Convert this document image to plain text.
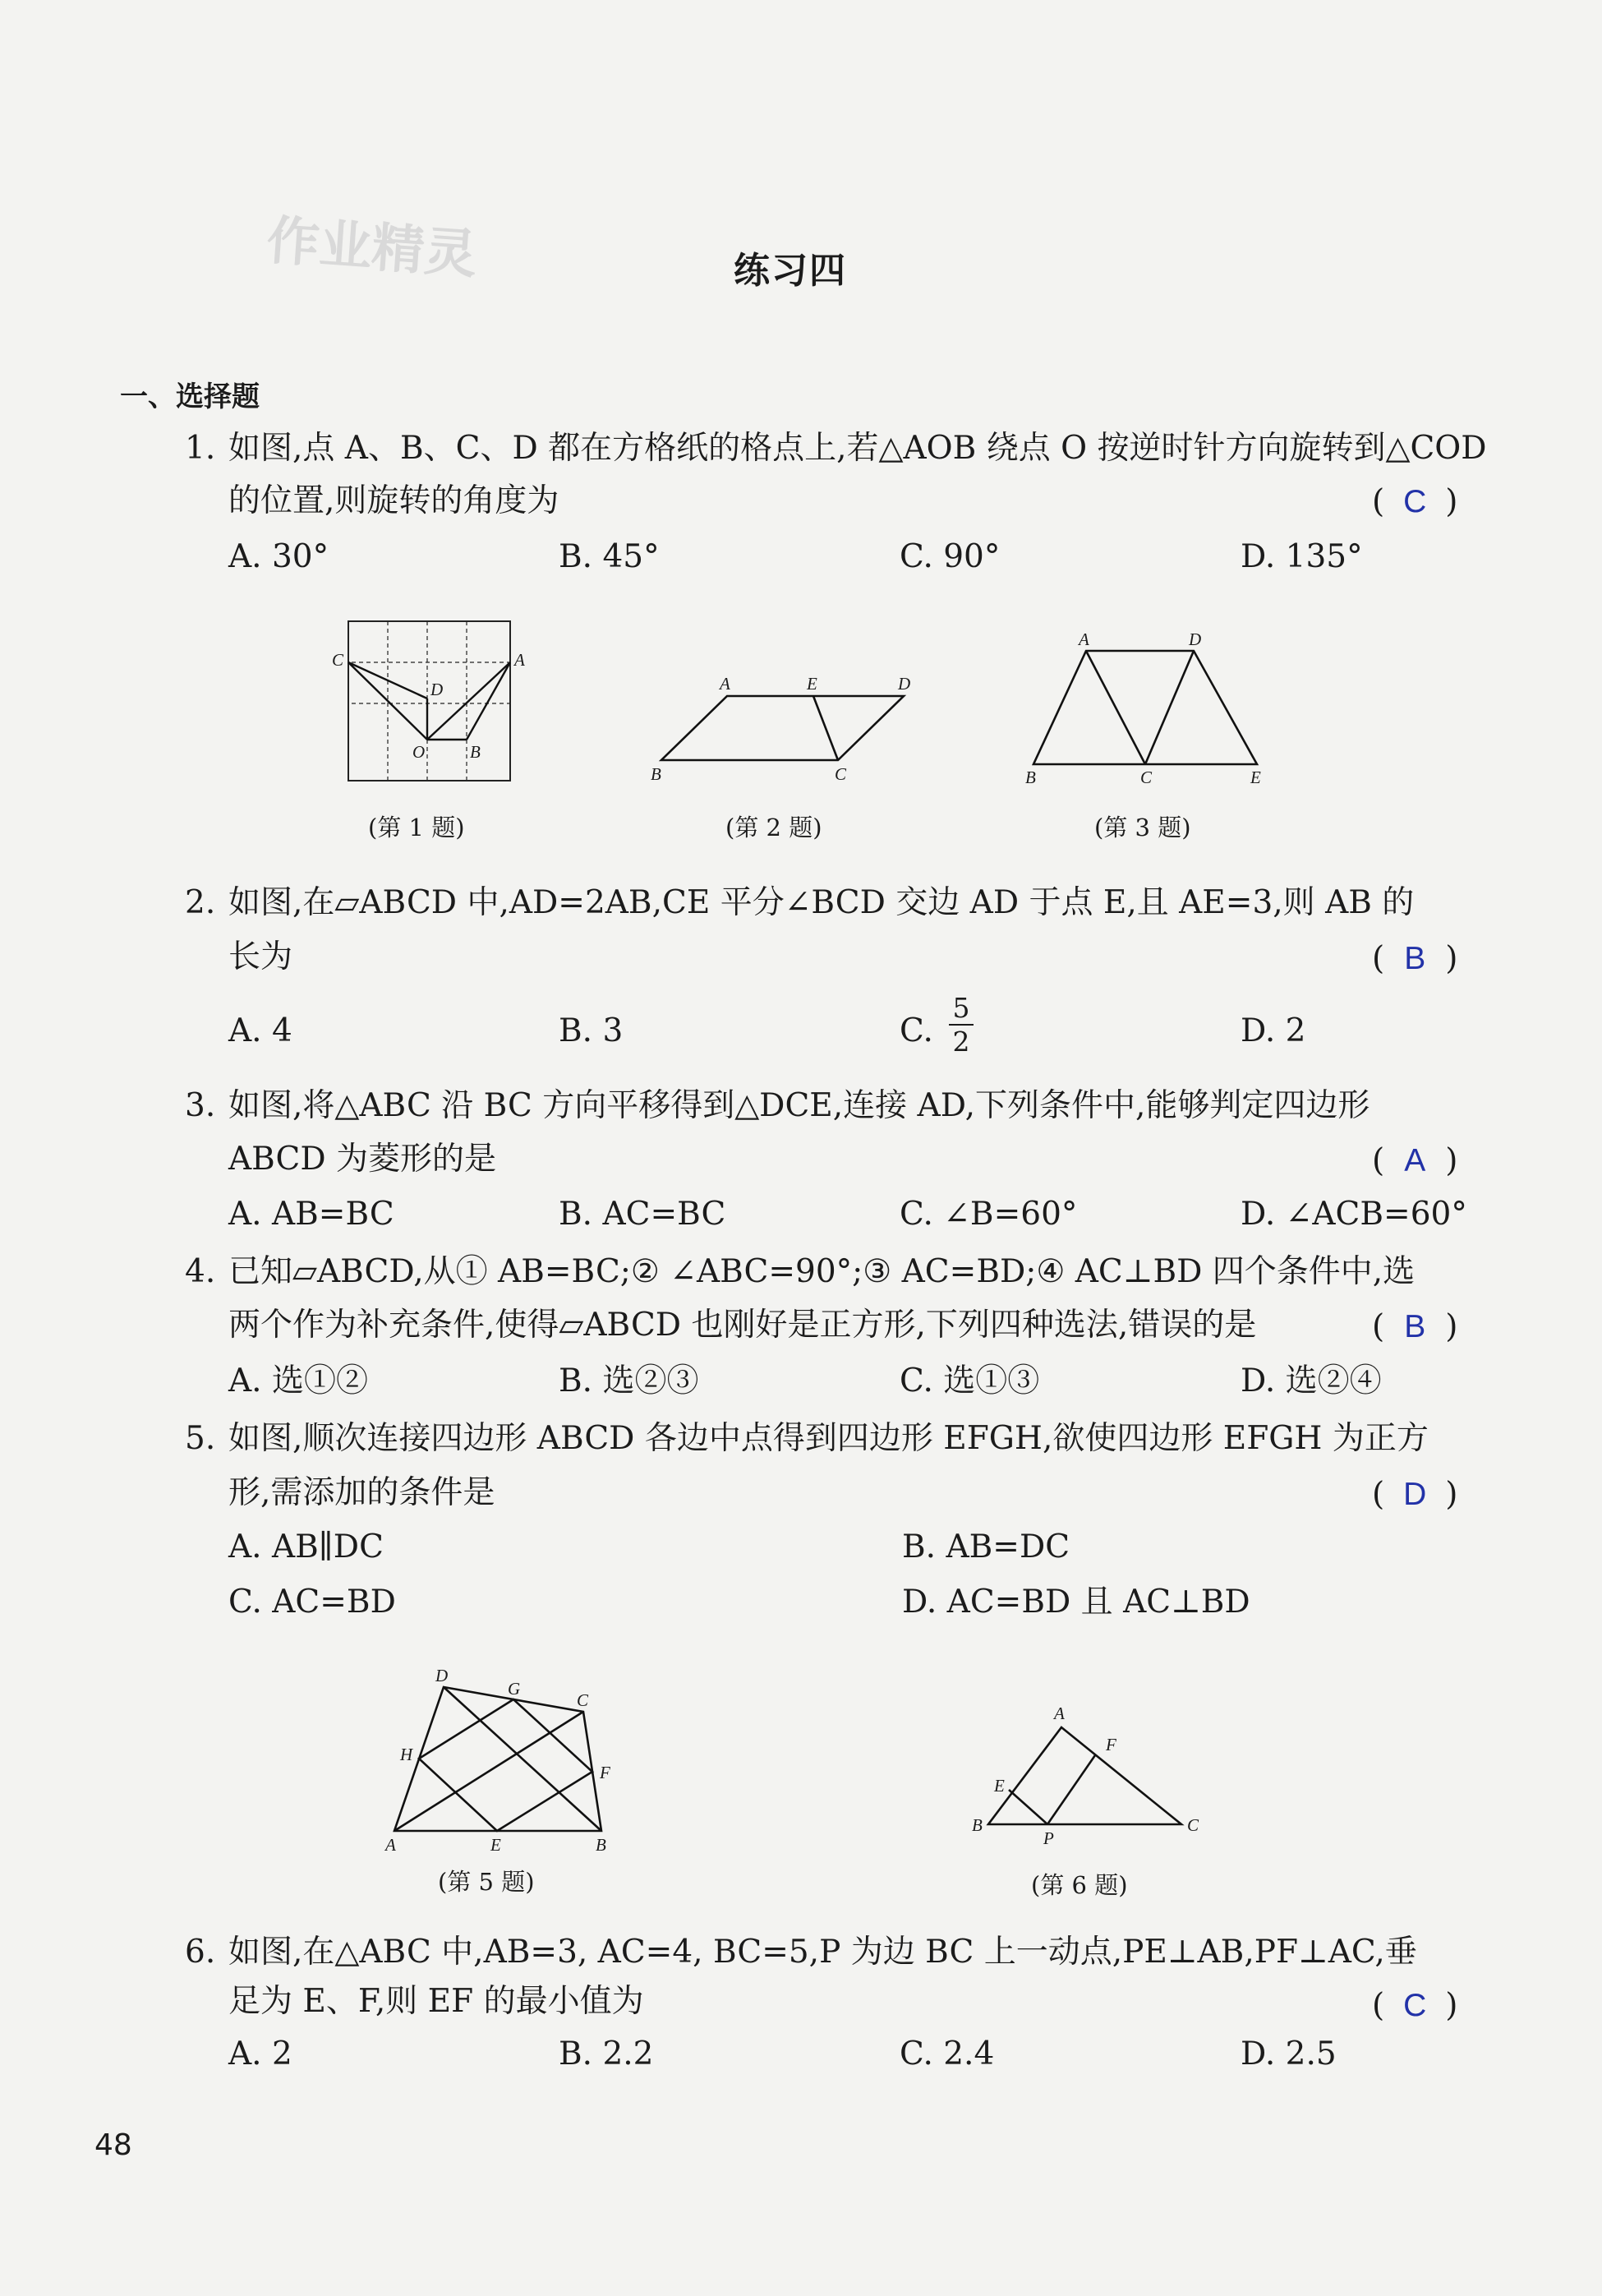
作业精灵	练习四
一、选择题
1. 如图,点 A、B、C、D 都在方格纸的格点上,若△AOB 绕点 O 按逆时针方向旋转到△COD
的位置,则旋转的角度为	( C )
A. 30°	B. 45°	C. 90°	D. 135°
C	A
D
O	B
(第 1 题)
A	E	D
B	C
(第 2 题)
A	D
B	C	E
(第 3 题)
2. 如图,在▱ABCD 中,AD=2AB,CE 平分∠BCD 交边 AD 于点 E,且 AE=3,则 AB 的
长为	( B )
A. 4	B. 3	C.
5
2	D. 2
3. 如图,将△ABC 沿 BC 方向平移得到△DCE,连接 AD,下列条件中,能够判定四边形
ABCD 为菱形的是	( A )
A. AB=BC	B. AC=BC	C. ∠B=60°	D. ∠ACB=60°
4. 已知▱ABCD,从① AB=BC;② ∠ABC=90°;③ AC=BD;④ AC⊥BD 四个条件中,选
两个作为补充条件,使得▱ABCD 也刚好是正方形,下列四种选法,错误的是	( B )
A. 选①②	B. 选②③	C. 选①③	D. 选②④
5. 如图,顺次连接四边形 ABCD 各边中点得到四边形 EFGH,欲使四边形 EFGH 为正方
形,需添加的条件是	( D )
A. AB∥DC	B. AB=DC
C. AC=BD	D. AC=BD 且 AC⊥BD
D
G
C
H
F
A	E	B
(第 5 题)
A
F
E
B
P
C
(第 6 题)
6. 如图,在△ABC 中,AB=3, AC=4, BC=5,P 为边 BC 上一动点,PE⊥AB,PF⊥AC,垂
足为 E、F,则 EF 的最小值为	( C )
A. 2	B. 2.2	C. 2.4	D. 2.5
48
